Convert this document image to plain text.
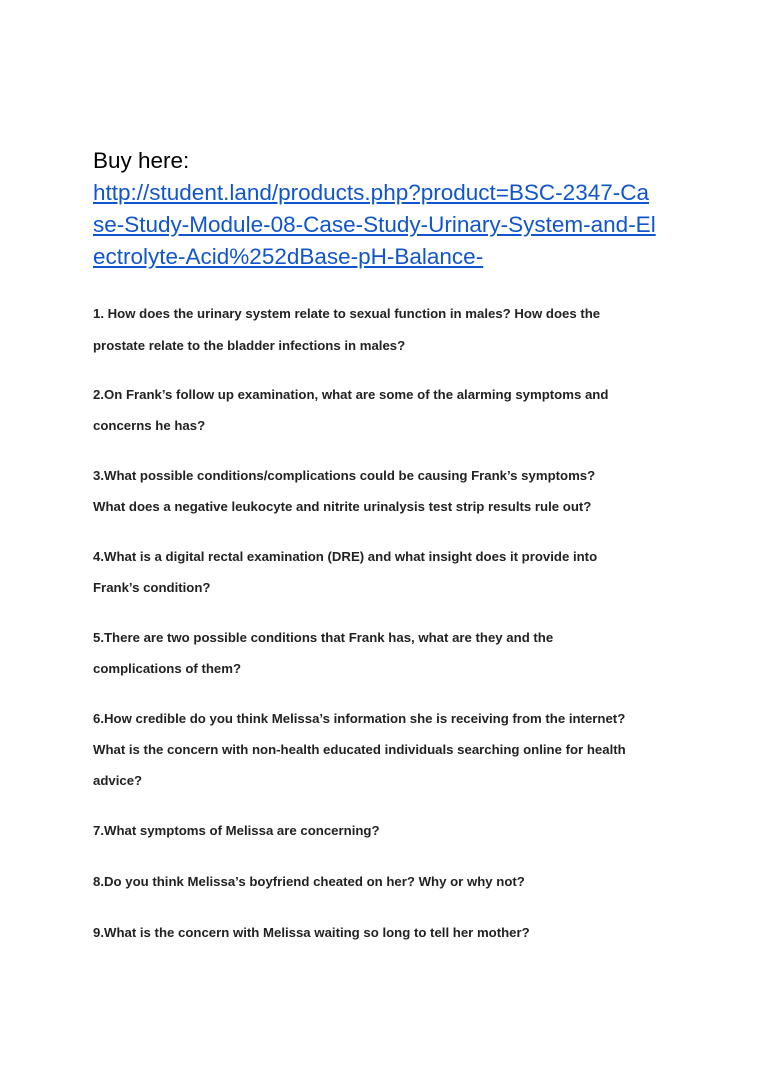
Buy here:
http://student.land/products.php?product=BSC-2347-Ca
se-Study-Module-08-Case-Study-Urinary-System-and-El
ectrolyte-Acid%252dBase-pH-Balance-
1. How does the urinary system relate to sexual function in males? How does the
prostate relate to the bladder infections in males?
2.On Frank’s follow up examination, what are some of the alarming symptoms and
concerns he has?
3.What possible conditions/complications could be causing Frank’s symptoms?
What does a negative leukocyte and nitrite urinalysis test strip results rule out?
4.What is a digital rectal examination (DRE) and what insight does it provide into
Frank’s condition?
5.There are two possible conditions that Frank has, what are they and the
complications of them?
6.How credible do you think Melissa’s information she is receiving from the internet?
What is the concern with non-health educated individuals searching online for health
advice?
7.What symptoms of Melissa are concerning?
8.Do you think Melissa’s boyfriend cheated on her? Why or why not?
9.What is the concern with Melissa waiting so long to tell her mother?
